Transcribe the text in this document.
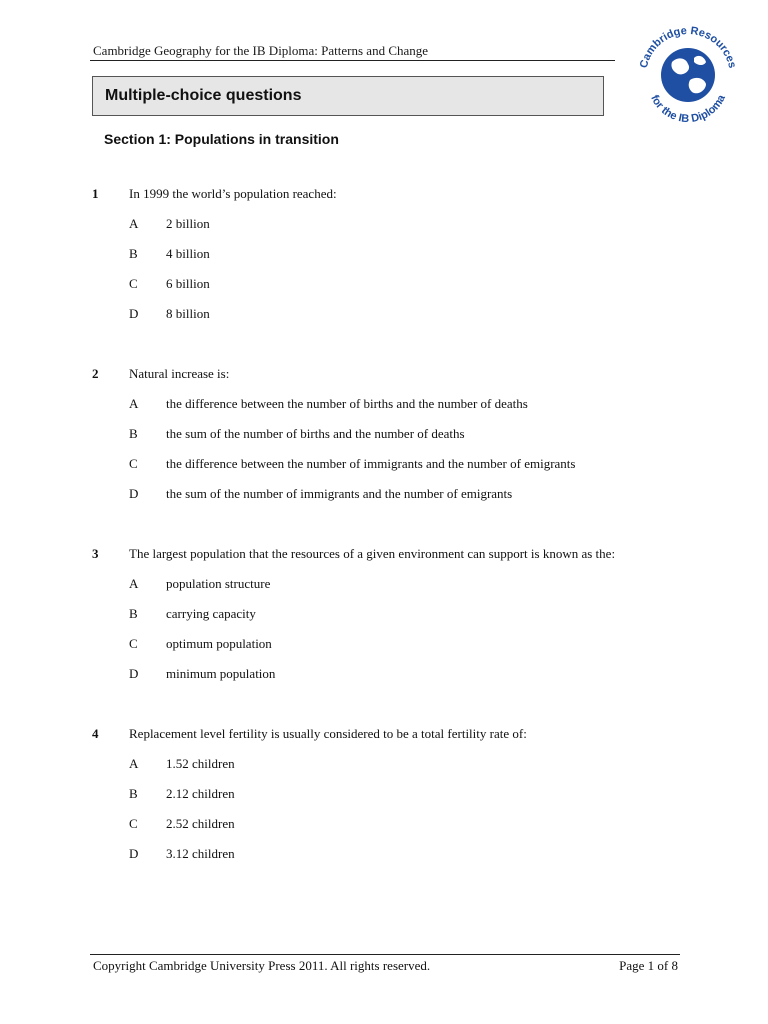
Cambridge Geography for the IB Diploma: Patterns and Change
Cambridge Resources
for the IB Diploma
Multiple-choice questions
Section 1: Populations in transition
1 In 1999 the world’s population reached:
A 2 billion
B 4 billion
C 6 billion
D 8 billion
2 Natural increase is:
A the difference between the number of births and the number of deaths
B the sum of the number of births and the number of deaths
C the difference between the number of immigrants and the number of emigrants
D the sum of the number of immigrants and the number of emigrants
3 The largest population that the resources of a given environment can support is known as the:
A population structure
B carrying capacity
C optimum population
D minimum population
4 Replacement level fertility is usually considered to be a total fertility rate of:
A 1.52 children
B 2.12 children
C 2.52 children
D 3.12 children
Copyright Cambridge University Press 2011. All rights reserved.	Page 1 of 8
